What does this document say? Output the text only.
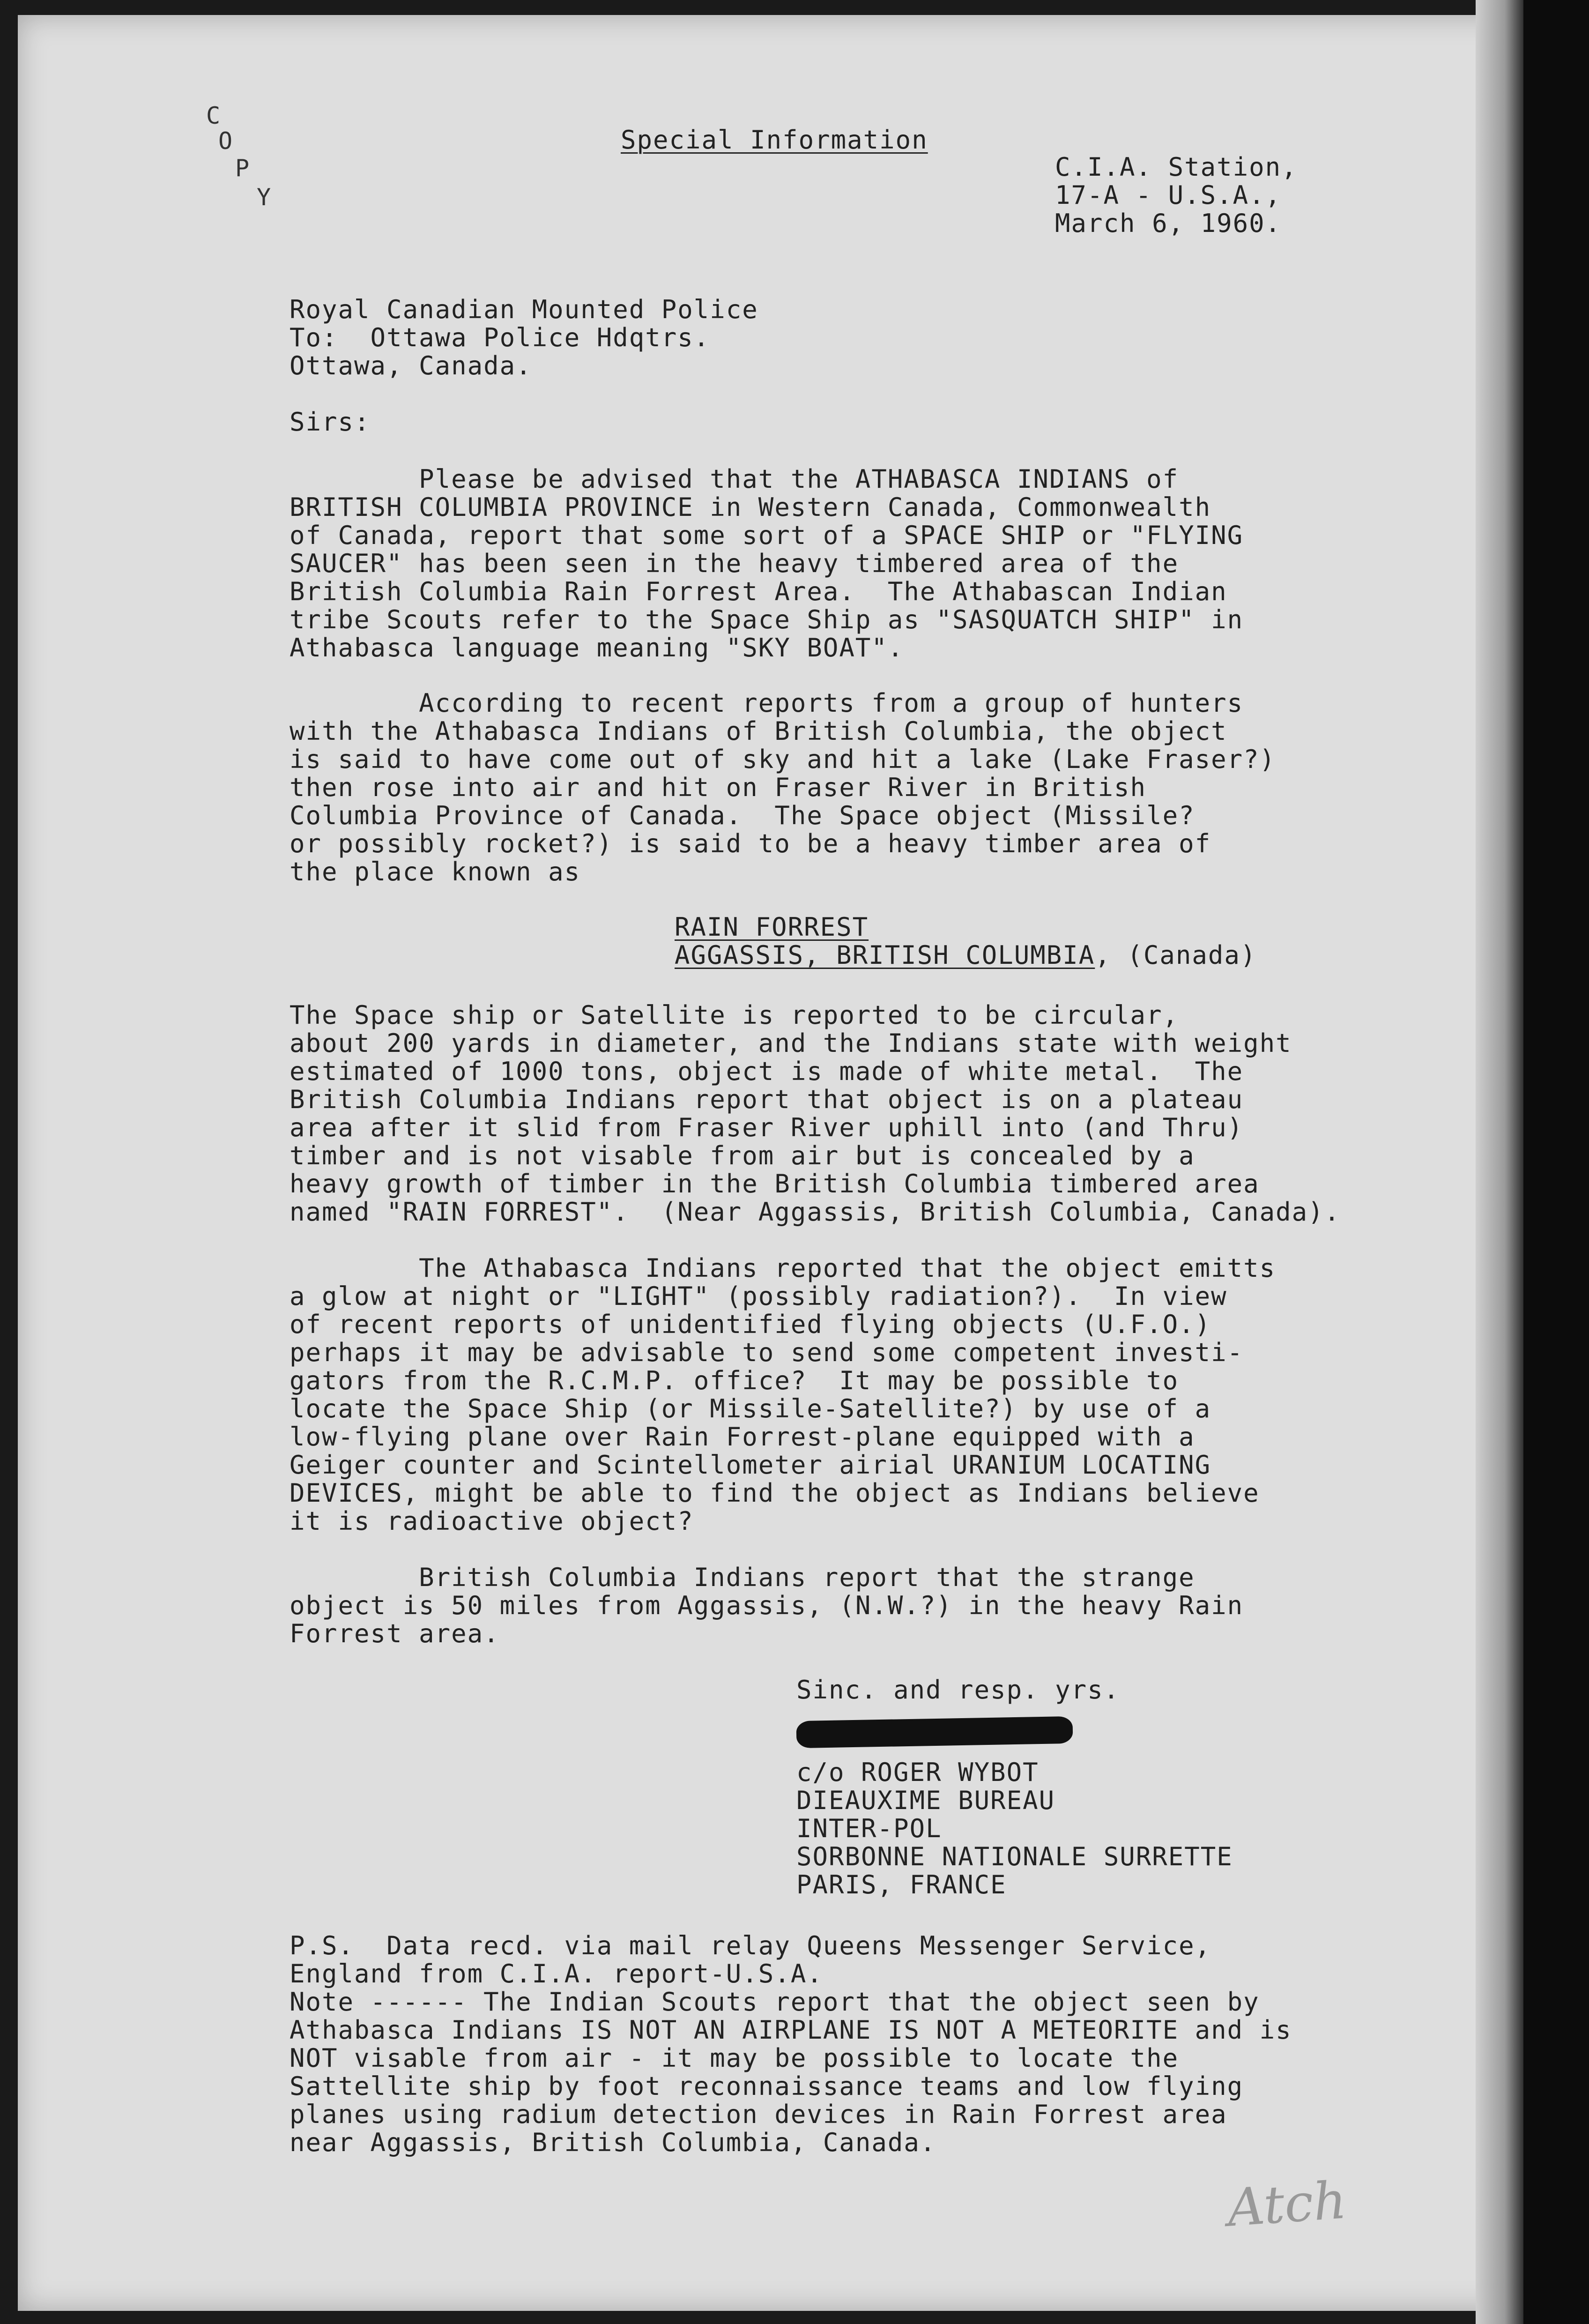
C
O
P
Y
Special Information
C.I.A. Station,
17-A - U.S.A.,
March 6, 1960.
Royal Canadian Mounted Police
To:  Ottawa Police Hdqtrs.
Ottawa, Canada.
Sirs:
Please be advised that the ATHABASCA INDIANS of
BRITISH COLUMBIA PROVINCE in Western Canada, Commonwealth
of Canada, report that some sort of a SPACE SHIP or "FLYING
SAUCER" has been seen in the heavy timbered area of the
British Columbia Rain Forrest Area.  The Athabascan Indian
tribe Scouts refer to the Space Ship as "SASQUATCH SHIP" in
Athabasca language meaning "SKY BOAT".
According to recent reports from a group of hunters
with the Athabasca Indians of British Columbia, the object
is said to have come out of sky and hit a lake (Lake Fraser?)
then rose into air and hit on Fraser River in British
Columbia Province of Canada.  The Space object (Missile?
or possibly rocket?) is said to be a heavy timber area of
the place known as
RAIN FORREST
AGGASSIS, BRITISH COLUMBIA, (Canada)
The Space ship or Satellite is reported to be circular,
about 200 yards in diameter, and the Indians state with weight
estimated of 1000 tons, object is made of white metal.  The
British Columbia Indians report that object is on a plateau
area after it slid from Fraser River uphill into (and Thru)
timber and is not visable from air but is concealed by a
heavy growth of timber in the British Columbia timbered area
named "RAIN FORREST".  (Near Aggassis, British Columbia, Canada).
The Athabasca Indians reported that the object emitts
a glow at night or "LIGHT" (possibly radiation?).  In view
of recent reports of unidentified flying objects (U.F.O.)
perhaps it may be advisable to send some competent investi-
gators from the R.C.M.P. office?  It may be possible to
locate the Space Ship (or Missile-Satellite?) by use of a
low-flying plane over Rain Forrest-plane equipped with a
Geiger counter and Scintellometer airial URANIUM LOCATING
DEVICES, might be able to find the object as Indians believe
it is radioactive object?
British Columbia Indians report that the strange
object is 50 miles from Aggassis, (N.W.?) in the heavy Rain
Forrest area.
Sinc. and resp. yrs.
c/o ROGER WYBOT
DIEAUXIME BUREAU
INTER-POL
SORBONNE NATIONALE SURRETTE
PARIS, FRANCE
P.S.  Data recd. via mail relay Queens Messenger Service,
England from C.I.A. report-U.S.A.
Note ------ The Indian Scouts report that the object seen by
Athabasca Indians IS NOT AN AIRPLANE IS NOT A METEORITE and is
NOT visable from air - it may be possible to locate the
Sattellite ship by foot reconnaissance teams and low flying
planes using radium detection devices in Rain Forrest area
near Aggassis, British Columbia, Canada.
Atch
